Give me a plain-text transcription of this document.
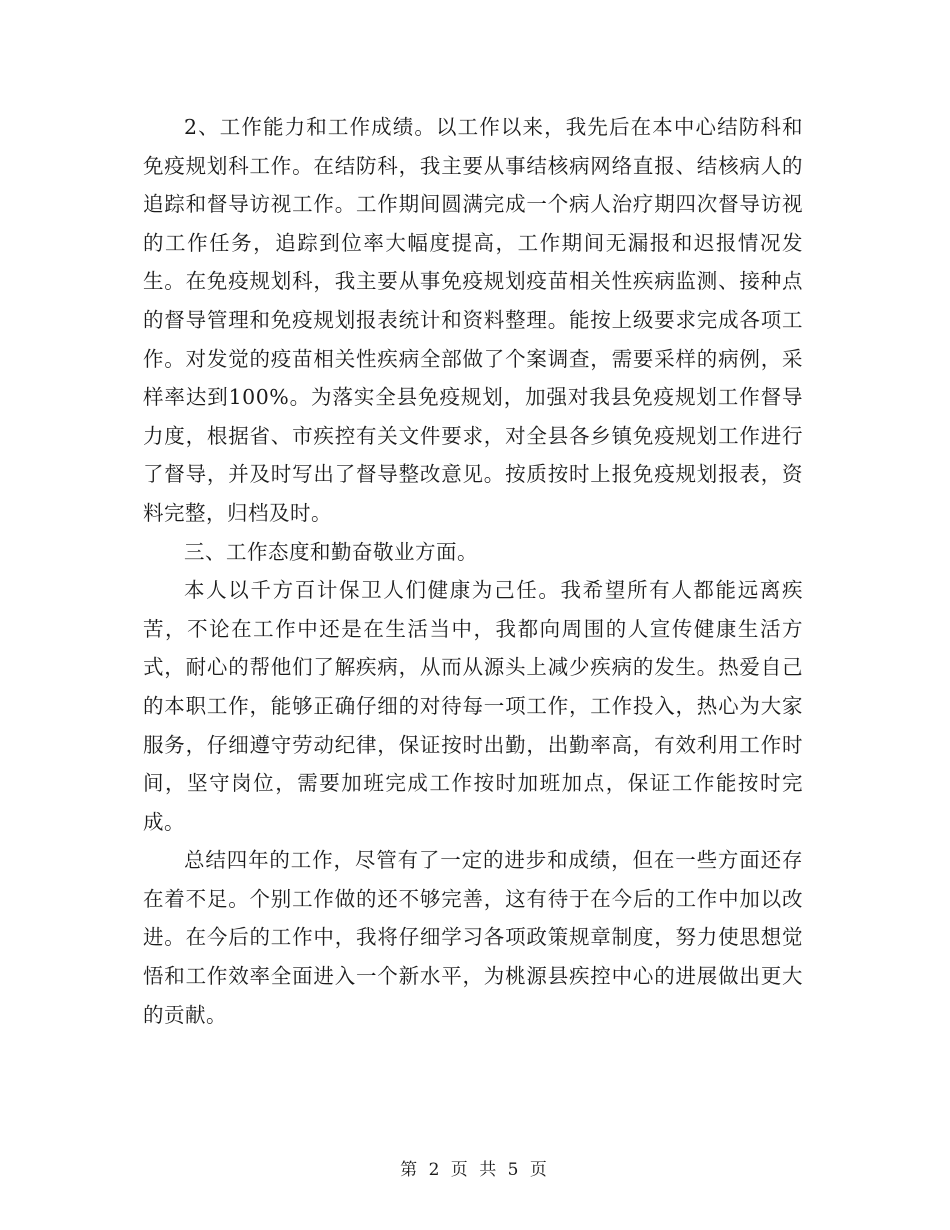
2、工作能力和工作成绩。以工作以来，我先后在本中心结防科和免疫规划科工作。在结防科，我主要从事结核病网络直报、结核病人的追踪和督导访视工作。工作期间圆满完成一个病人治疗期四次督导访视的工作任务，追踪到位率大幅度提高，工作期间无漏报和迟报情况发生。在免疫规划科，我主要从事免疫规划疫苗相关性疾病监测、接种点的督导管理和免疫规划报表统计和资料整理。能按上级要求完成各项工作。对发觉的疫苗相关性疾病全部做了个案调查，需要采样的病例，采样率达到100%。为落实全县免疫规划，加强对我县免疫规划工作督导力度，根据省、市疾控有关文件要求，对全县各乡镇免疫规划工作进行了督导，并及时写出了督导整改意见。按质按时上报免疫规划报表，资料完整，归档及时。

三、工作态度和勤奋敬业方面。

本人以千方百计保卫人们健康为己任。我希望所有人都能远离疾苦，不论在工作中还是在生活当中，我都向周围的人宣传健康生活方式，耐心的帮他们了解疾病，从而从源头上减少疾病的发生。热爱自己的本职工作，能够正确仔细的对待每一项工作，工作投入，热心为大家服务，仔细遵守劳动纪律，保证按时出勤，出勤率高，有效利用工作时间，坚守岗位，需要加班完成工作按时加班加点，保证工作能按时完成。

总结四年的工作，尽管有了一定的进步和成绩，但在一些方面还存在着不足。个别工作做的还不够完善，这有待于在今后的工作中加以改进。在今后的工作中，我将仔细学习各项政策规章制度，努力使思想觉悟和工作效率全面进入一个新水平，为桃源县疾控中心的进展做出更大的贡献。

第 2 页 共 5 页
